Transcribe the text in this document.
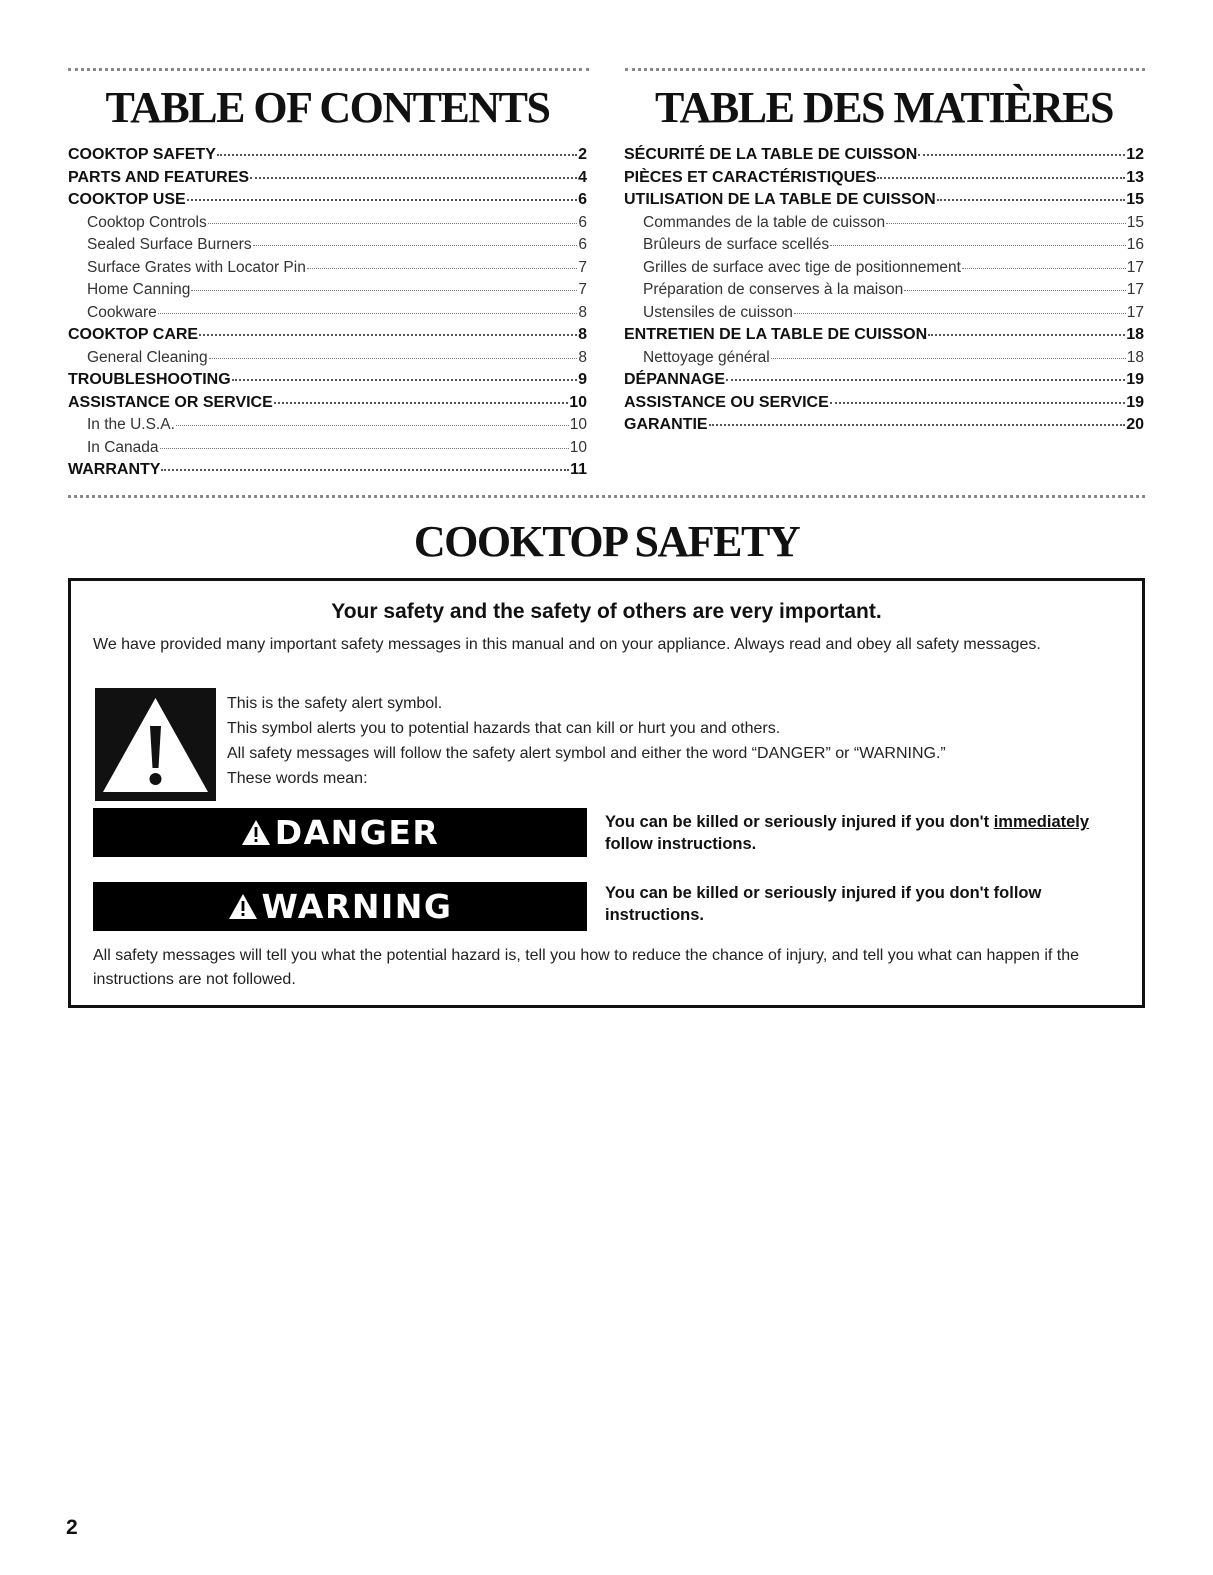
TABLE OF CONTENTS
COOKTOP SAFETY	2
PARTS AND FEATURES	4
COOKTOP USE	6
Cooktop Controls	6
Sealed Surface Burners	6
Surface Grates with Locator Pin	7
Home Canning	7
Cookware	8
COOKTOP CARE	8
General Cleaning	8
TROUBLESHOOTING	9
ASSISTANCE OR SERVICE	10
In the U.S.A.	10
In Canada	10
WARRANTY	11
TABLE DES MATIÈRES
SÉCURITÉ DE LA TABLE DE CUISSON	12
PIÈCES ET CARACTÉRISTIQUES	13
UTILISATION DE LA TABLE DE CUISSON	15
Commandes de la table de cuisson	15
Brûleurs de surface scellés	16
Grilles de surface avec tige de positionnement	17
Préparation de conserves à la maison	17
Ustensiles de cuisson	17
ENTRETIEN DE LA TABLE DE CUISSON	18
Nettoyage général	18
DÉPANNAGE	19
ASSISTANCE OU SERVICE	19
GARANTIE	20
COOKTOP SAFETY
Your safety and the safety of others are very important.

We have provided many important safety messages in this manual and on your appliance. Always read and obey all safety messages.

This is the safety alert symbol.

This symbol alerts you to potential hazards that can kill or hurt you and others.

All safety messages will follow the safety alert symbol and either the word “DANGER” or “WARNING.”

These words mean:

DANGER	You can be killed or seriously injured if you don't immediately follow instructions.

WARNING	You can be killed or seriously injured if you don't follow instructions.

All safety messages will tell you what the potential hazard is, tell you how to reduce the chance of injury, and tell you what can happen if the instructions are not followed.

2
